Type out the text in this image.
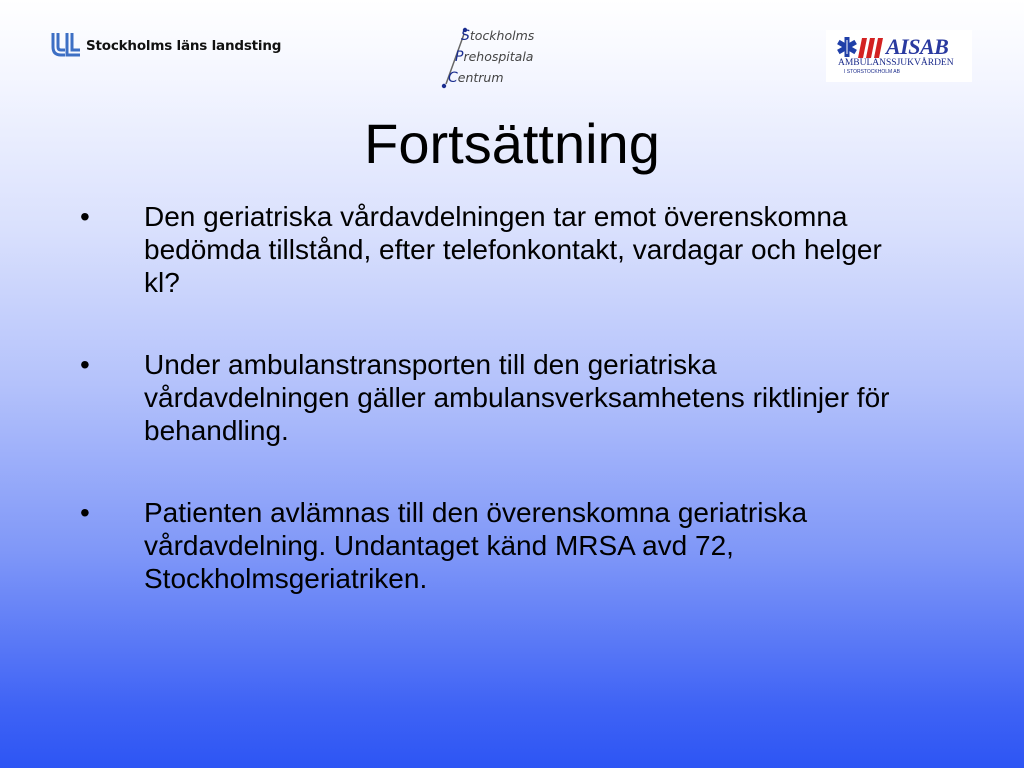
Stockholms läns landsting
Stockholms
Prehospitala
Centrum
AISAB
AMBULANSSJUKVÅRDEN
I STORSTOCKHOLM AB
Fortsättning
• Den geriatriska vårdavdelningen tar emot överenskomna bedömda tillstånd, efter telefonkontakt, vardagar och helger kl?
• Under ambulanstransporten till den geriatriska vårdavdelningen gäller ambulansverksamhetens riktlinjer för behandling.
• Patienten avlämnas till den överenskomna geriatriska vårdavdelning. Undantaget känd MRSA avd 72, Stockholmsgeriatriken.
